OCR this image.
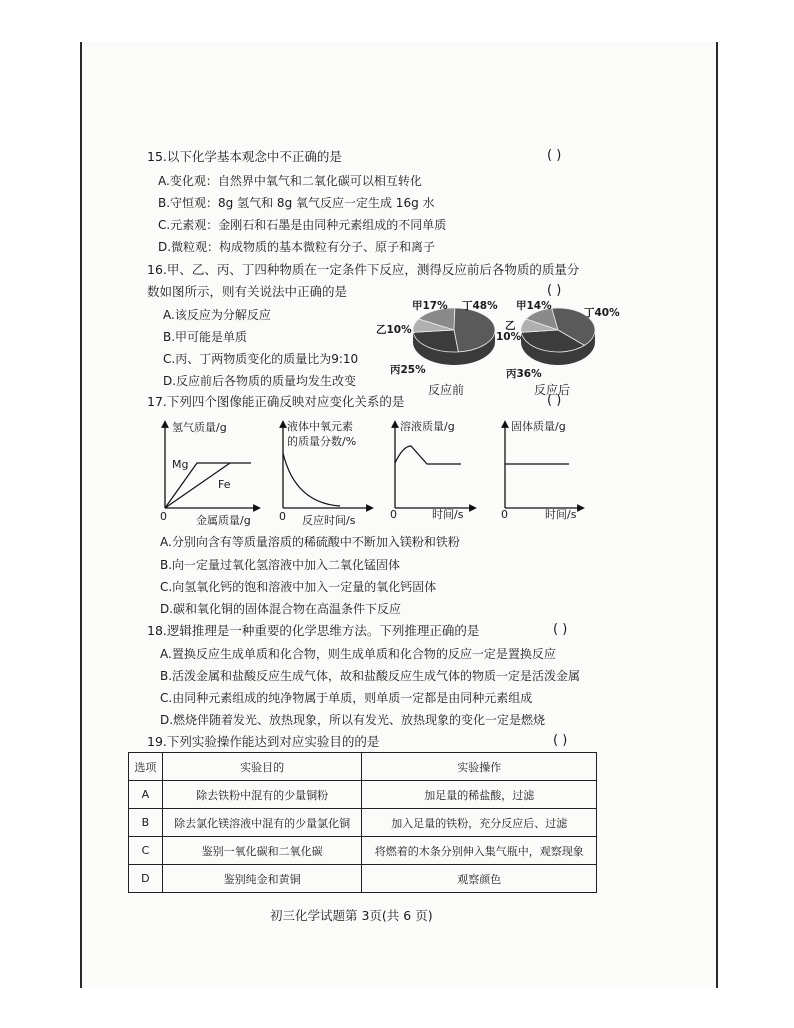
15.以下化学基本观念中不正确的是	( )
A.变化观：自然界中氧气和二氧化碳可以相互转化
B.守恒观：8g 氢气和 8g 氧气反应一定生成 16g 水
C.元素观：金刚石和石墨是由同种元素组成的不同单质
D.微粒观：构成物质的基本微粒有分子、原子和离子
16.甲、乙、丙、丁四种物质在一定条件下反应，测得反应前后各物质的质量分
数如图所示，则有关说法中正确的是	( )
A.该反应为分解反应
B.甲可能是单质
C.丙、丁两物质变化的质量比为9:10
D.反应前后各物质的质量均发生改变
甲17% 丁48%
乙10%
丙25%
反应前
甲14%
丁40%
乙
10%
丙36%
反应后
17.下列四个图像能正确反映对应变化关系的是	( )
氢气质量/g
Mg
Fe
0	金属质量/g
液体中氧元素
的质量分数/%
0 反应时间/s
溶液质量/g
0	时间/s
固体质量/g
0	时间/s
A.分别向含有等质量溶质的稀硫酸中不断加入镁粉和铁粉
B.向一定量过氧化氢溶液中加入二氧化锰固体
C.向氢氧化钙的饱和溶液中加入一定量的氧化钙固体
D.碳和氧化铜的固体混合物在高温条件下反应
18.逻辑推理是一种重要的化学思维方法。下列推理正确的是	( )
A.置换反应生成单质和化合物，则生成单质和化合物的反应一定是置换反应
B.活泼金属和盐酸反应生成气体，故和盐酸反应生成气体的物质一定是活泼金属
C.由同种元素组成的纯净物属于单质，则单质一定都是由同种元素组成
D.燃烧伴随着发光、放热现象，所以有发光、放热现象的变化一定是燃烧
19.下列实验操作能达到对应实验目的的是	( )
选项	实验目的	实验操作
A	除去铁粉中混有的少量铜粉	加足量的稀盐酸，过滤
B	除去氯化镁溶液中混有的少量氯化铜	加入足量的铁粉，充分反应后、过滤
C	鉴别一氧化碳和二氧化碳	将燃着的木条分别伸入集气瓶中，观察现象
D	鉴别纯金和黄铜	观察颜色
初三化学试题第 3页(共 6 页)
